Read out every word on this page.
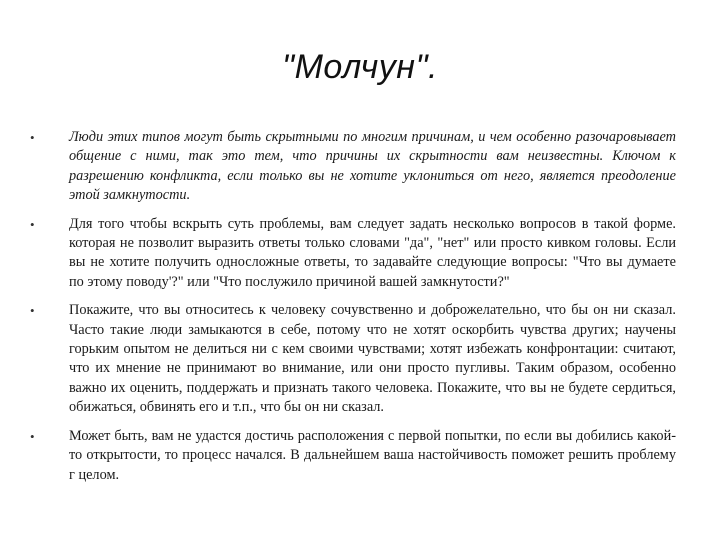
"Молчун".
•	Люди этих типов могут быть скрытными по многим причинам, и чем особенно разочаровывает общение с ними, так это тем, что причины их скрытности вам неизвестны. Ключом к разрешению конфликта, если только вы не хотите уклониться от него, является преодоление этой замкнутости.
•	Для того чтобы вскрыть суть проблемы, вам следует задать несколько вопросов в такой форме. которая не позволит выразить ответы только словами "да", "нет" или просто кивком головы. Если вы не хотите получить односложные ответы, то задавайте следующие вопросы: "Что вы думаете по этому поводу'?" или "Что послужило причиной вашей замкнутости?"
•	Покажите, что вы относитесь к человеку сочувственно и доброжелательно, что бы он ни сказал. Часто такие люди замыкаются в себе, потому что не хотят оскорбить чувства других; научены горьким опытом не делиться ни с кем своими чувствами; хотят избежать конфронтации: считают, что их мнение не принимают во внимание, или они просто пугливы. Таким образом, особенно важно их оценить, поддержать и признать такого человека. Покажите, что вы не будете сердиться, обижаться, обвинять его и т.п., что бы он ни сказал.
•	Может быть, вам не удастся достичь расположения с первой попытки, по если вы добились какой-то открытости, то процесс начался. В дальнейшем ваша настойчивость поможет решить проблему г целом.
